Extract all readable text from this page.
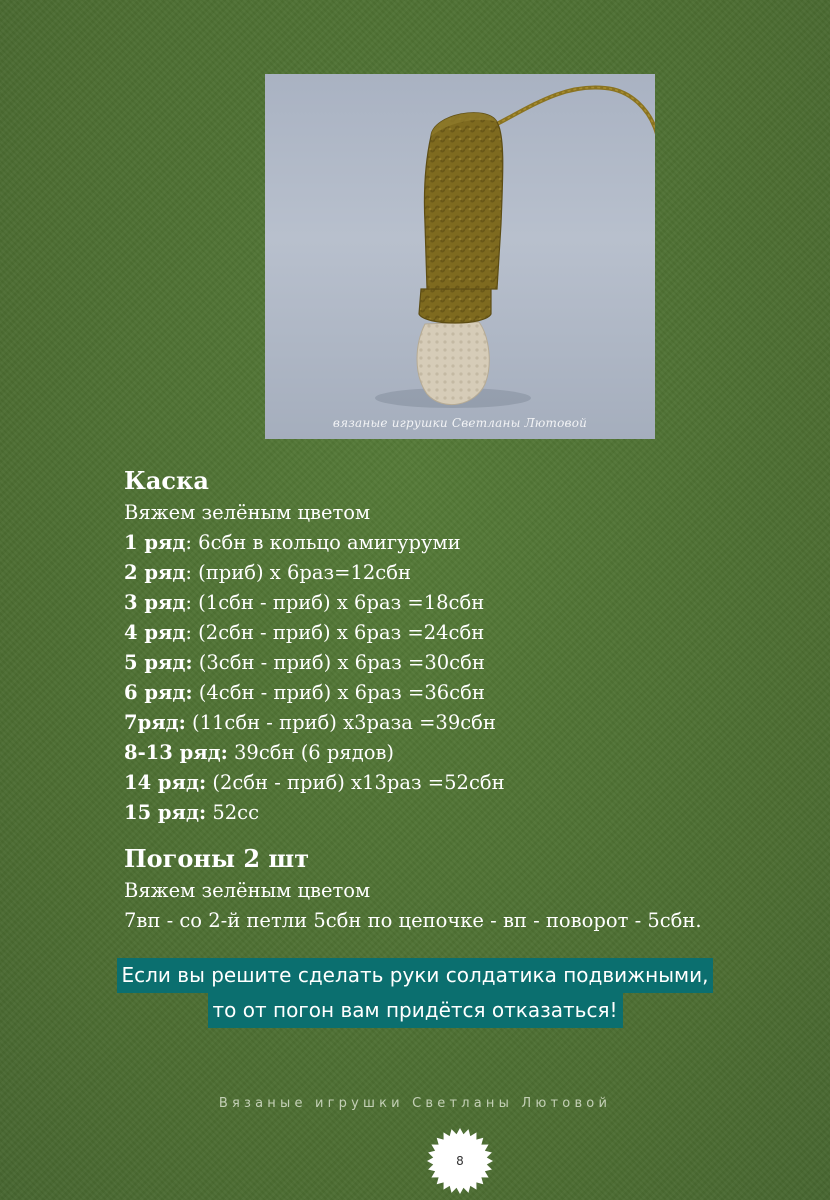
вязаные игрушки Светланы Лютовой

Каска

Вяжем зелёным цветом

1 ряд: 6сбн в кольцо амигуруми

2 ряд: (приб) х 6раз=12сбн

3 ряд: (1сбн - приб) х 6раз =18сбн

4 ряд: (2сбн - приб) х 6раз =24сбн

5 ряд: (3сбн - приб) х 6раз =30сбн

6 ряд: (4сбн - приб) х 6раз =36сбн

7ряд: (11сбн - приб) х3раза =39сбн

8-13 ряд: 39сбн (6 рядов)

14 ряд: (2сбн - приб) х13раз =52сбн

15 ряд: 52сс

Погоны 2 шт

Вяжем зелёным цветом

7вп - со 2-й петли 5сбн по цепочке - вп - поворот - 5сбн.

Если вы решите сделать руки солдатика подвижными,
то от погон вам придётся отказаться!
Вязаные игрушки Светланы Лютовой
8
